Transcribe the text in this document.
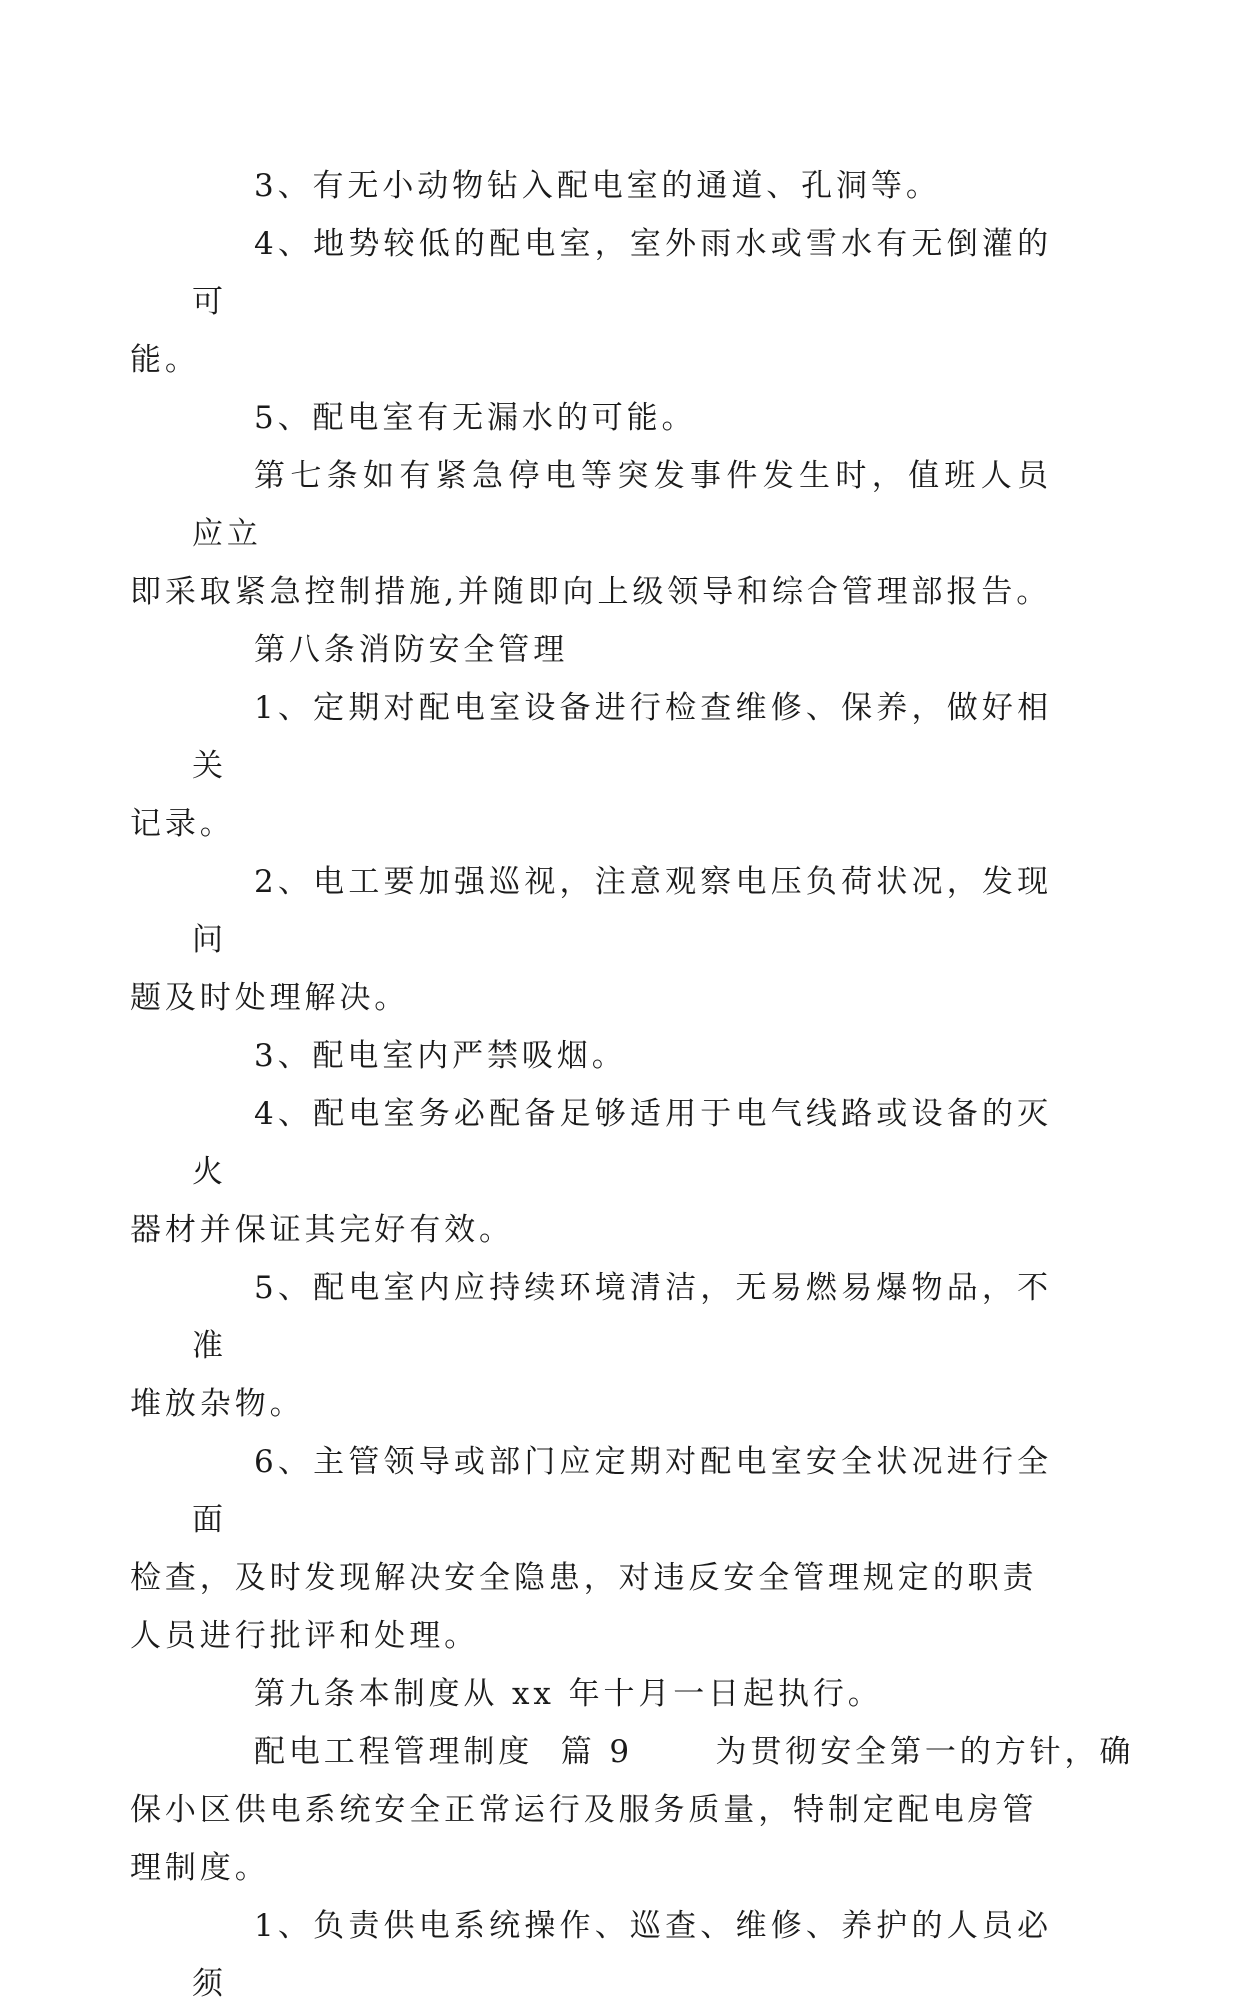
3、有无小动物钻入配电室的通道、孔洞等。

4、地势较低的配电室，室外雨水或雪水有无倒灌的可
能。

5、配电室有无漏水的可能。

第七条如有紧急停电等突发事件发生时，值班人员应立
即采取紧急控制措施,并随即向上级领导和综合管理部报告。

第八条消防安全管理

1、定期对配电室设备进行检查维修、保养，做好相关
记录。

2、电工要加强巡视，注意观察电压负荷状况，发现问
题及时处理解决。

3、配电室内严禁吸烟。

4、配电室务必配备足够适用于电气线路或设备的灭火
器材并保证其完好有效。

5、配电室内应持续环境清洁，无易燃易爆物品，不准
堆放杂物。

6、主管领导或部门应定期对配电室安全状况进行全面
检查，及时发现解决安全隐患，对违反安全管理规定的职责
人员进行批评和处理。

第九条本制度从 xx 年十月一日起执行。

配电工程管理制度  篇 9      为贯彻安全第一的方针，确
保小区供电系统安全正常运行及服务质量，特制定配电房管
理制度。

1、负责供电系统操作、巡查、维修、养护的人员必须
